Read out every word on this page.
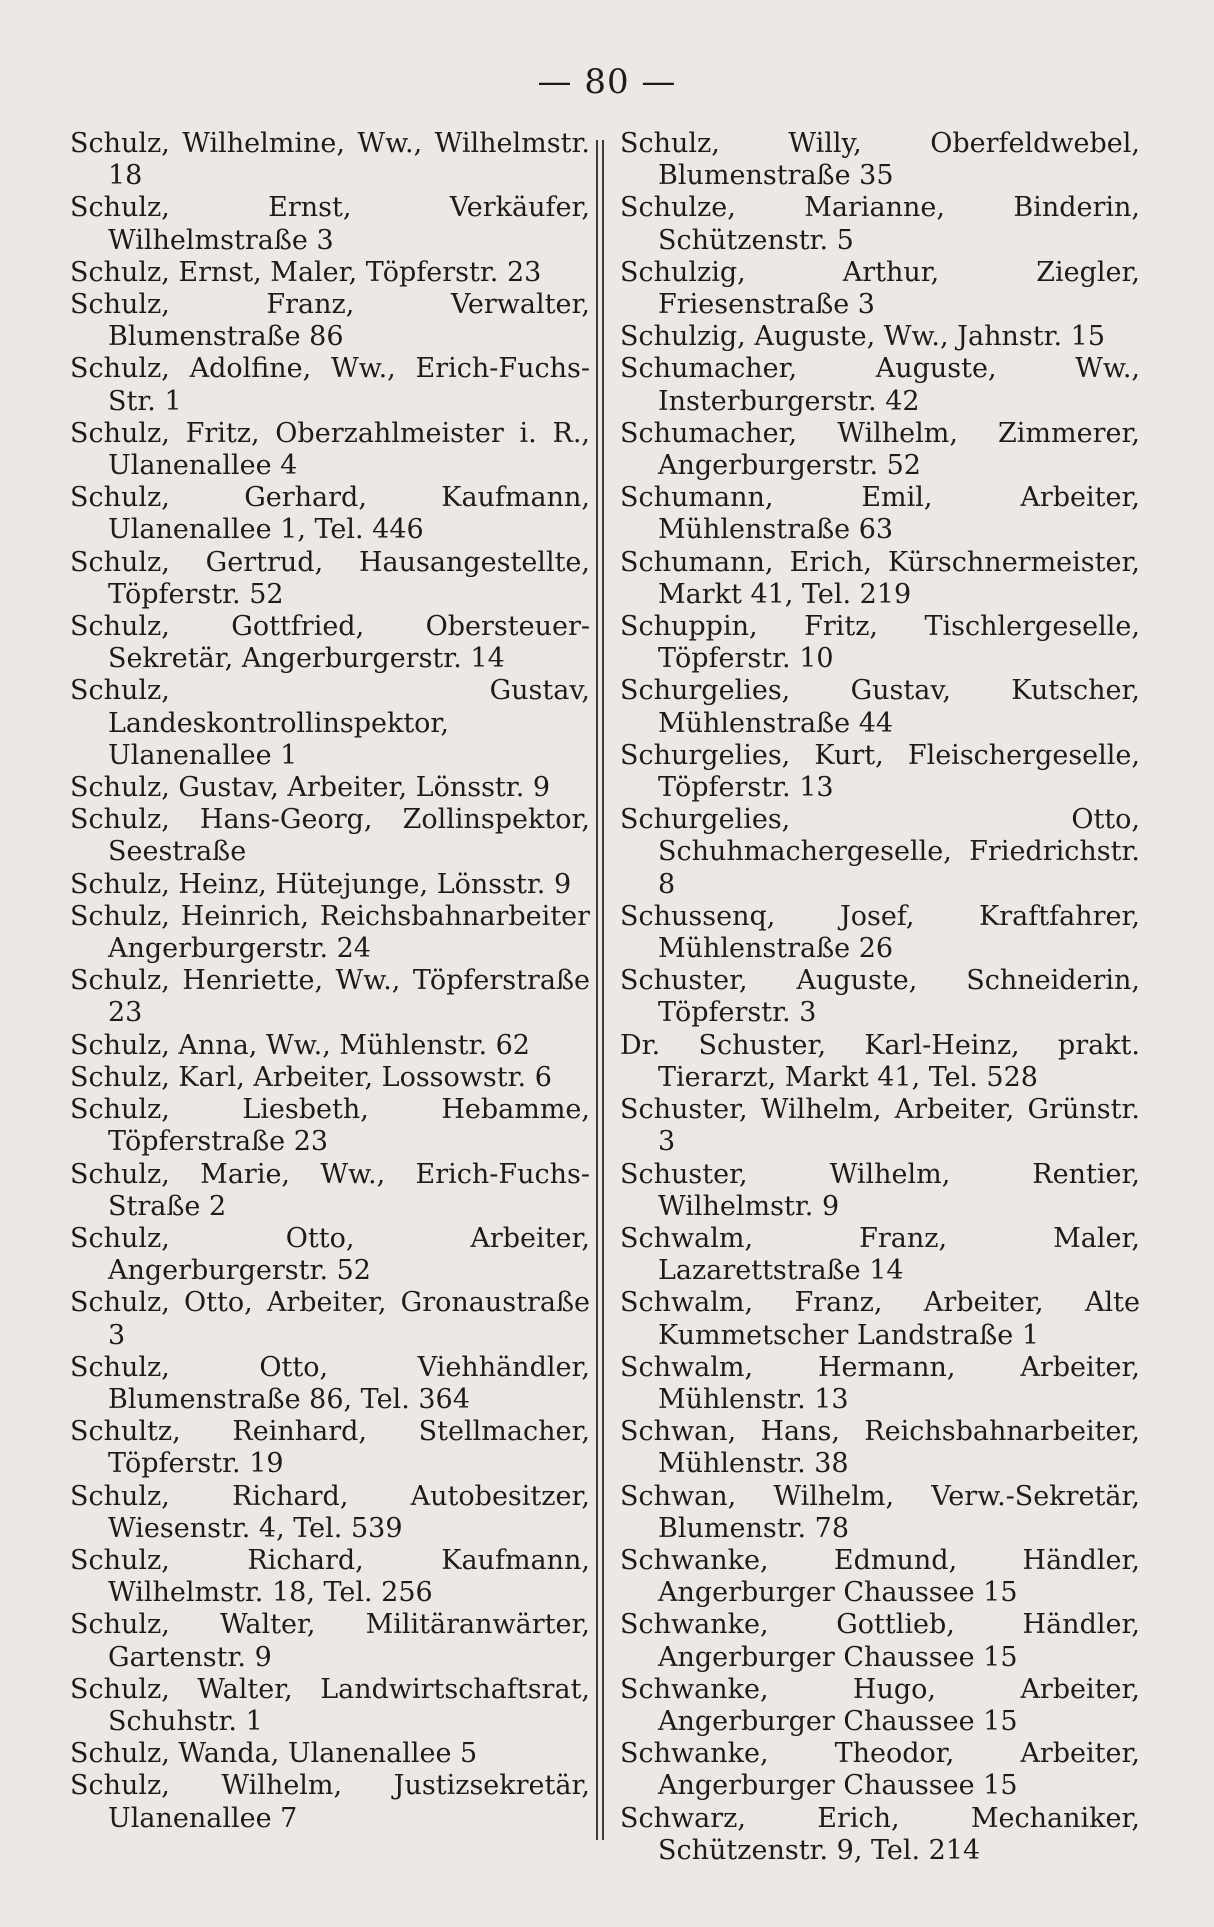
— 80 —
Schulz, Wilhelmine, Ww., Wilhelmstr. 18
Schulz, Ernst, Verkäufer, Wilhelmstraße 3
Schulz, Ernst, Maler, Töpferstr. 23
Schulz, Franz, Verwalter, Blumenstraße 86
Schulz, Adolfine, Ww., Erich-Fuchs-Str. 1
Schulz, Fritz, Oberzahlmeister i. R., Ulanenallee 4
Schulz, Gerhard, Kaufmann, Ulanenallee 1, Tel. 446
Schulz, Gertrud, Hausangestellte, Töpferstr. 52
Schulz, Gottfried, Obersteuer-Sekretär, Angerburgerstr. 14
Schulz, Gustav, Landeskontrollinspektor, Ulanenallee 1
Schulz, Gustav, Arbeiter, Lönsstr. 9
Schulz, Hans-Georg, Zollinspektor, Seestraße
Schulz, Heinz, Hütejunge, Lönsstr. 9
Schulz, Heinrich, Reichsbahnarbeiter Angerburgerstr. 24
Schulz, Henriette, Ww., Töpferstraße 23
Schulz, Anna, Ww., Mühlenstr. 62
Schulz, Karl, Arbeiter, Lossowstr. 6
Schulz, Liesbeth, Hebamme, Töpferstraße 23
Schulz, Marie, Ww., Erich-Fuchs-Straße 2
Schulz, Otto, Arbeiter, Angerburgerstr. 52
Schulz, Otto, Arbeiter, Gronaustraße 3
Schulz, Otto, Viehhändler, Blumenstraße 86, Tel. 364
Schultz, Reinhard, Stellmacher, Töpferstr. 19
Schulz, Richard, Autobesitzer, Wiesenstr. 4, Tel. 539
Schulz, Richard, Kaufmann, Wilhelmstr. 18, Tel. 256
Schulz, Walter, Militäranwärter, Gartenstr. 9
Schulz, Walter, Landwirtschaftsrat, Schuhstr. 1
Schulz, Wanda, Ulanenallee 5
Schulz, Wilhelm, Justizsekretär, Ulanenallee 7
Schulz, Willy, Oberfeldwebel, Blumenstraße 35
Schulze, Marianne, Binderin, Schützenstr. 5
Schulzig, Arthur, Ziegler, Friesenstraße 3
Schulzig, Auguste, Ww., Jahnstr. 15
Schumacher, Auguste, Ww., Insterburgerstr. 42
Schumacher, Wilhelm, Zimmerer, Angerburgerstr. 52
Schumann, Emil, Arbeiter, Mühlenstraße 63
Schumann, Erich, Kürschnermeister, Markt 41, Tel. 219
Schuppin, Fritz, Tischlergeselle, Töpferstr. 10
Schurgelies, Gustav, Kutscher, Mühlenstraße 44
Schurgelies, Kurt, Fleischergeselle, Töpferstr. 13
Schurgelies, Otto, Schuhmachergeselle, Friedrichstr. 8
Schussenq, Josef, Kraftfahrer, Mühlenstraße 26
Schuster, Auguste, Schneiderin, Töpferstr. 3
Dr. Schuster, Karl-Heinz, prakt. Tierarzt, Markt 41, Tel. 528
Schuster, Wilhelm, Arbeiter, Grünstr. 3
Schuster, Wilhelm, Rentier, Wilhelmstr. 9
Schwalm, Franz, Maler, Lazarettstraße 14
Schwalm, Franz, Arbeiter, Alte Kummetscher Landstraße 1
Schwalm, Hermann, Arbeiter, Mühlenstr. 13
Schwan, Hans, Reichsbahnarbeiter, Mühlenstr. 38
Schwan, Wilhelm, Verw.-Sekretär, Blumenstr. 78
Schwanke, Edmund, Händler, Angerburger Chaussee 15
Schwanke, Gottlieb, Händler, Angerburger Chaussee 15
Schwanke, Hugo, Arbeiter, Angerburger Chaussee 15
Schwanke, Theodor, Arbeiter, Angerburger Chaussee 15
Schwarz, Erich, Mechaniker, Schützenstr. 9, Tel. 214
